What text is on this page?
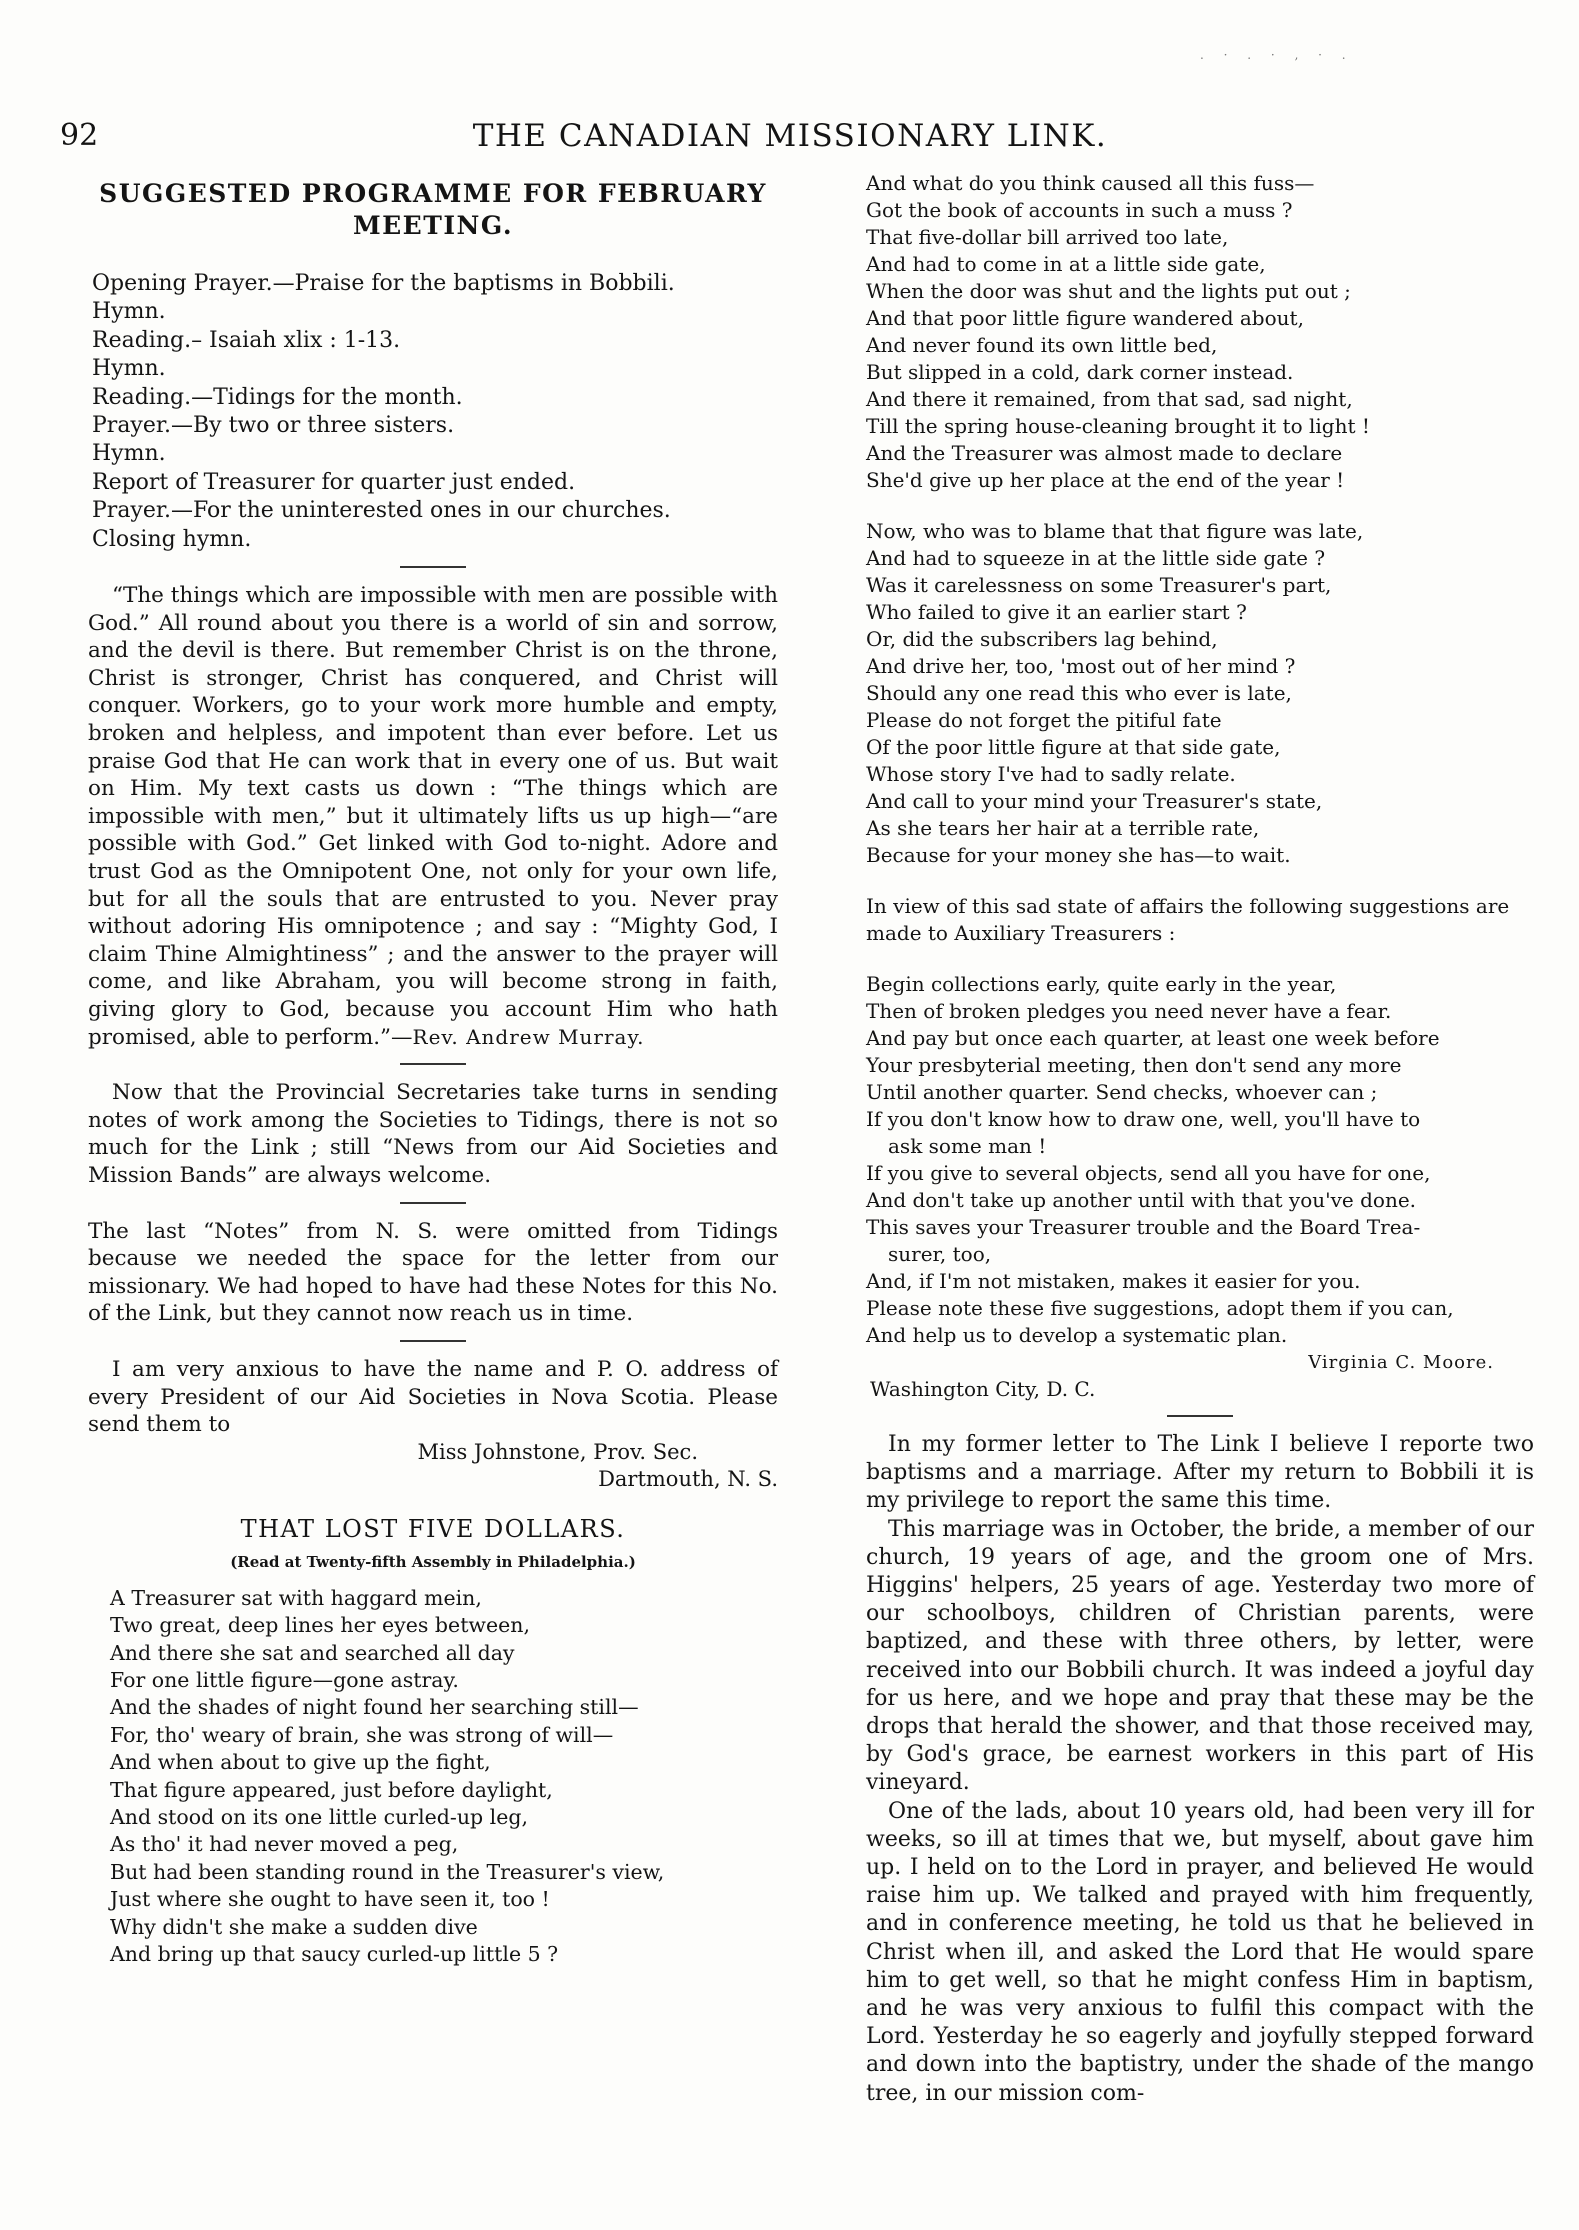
. · . · ‚ · .
92	THE CANADIAN MISSIONARY LINK.
SUGGESTED PROGRAMME FOR FEBRUARY MEETING.
Opening Prayer.—Praise for the baptisms in Bobbili.
Hymn.
Reading.– Isaiah xlix : 1-13.
Hymn.
Reading.—Tidings for the month.
Prayer.—By two or three sisters.
Hymn.
Report of Treasurer for quarter just ended.
Prayer.—For the uninterested ones in our churches.
Closing hymn.

“The things which are impossible with men are possible with God.” All round about you there is a world of sin and sorrow, and the devil is there. But remember Christ is on the throne, Christ is stronger, Christ has conquered, and Christ will conquer. Workers, go to your work more humble and empty, broken and helpless, and impotent than ever before. Let us praise God that He can work that in every one of us. But wait on Him. My text casts us down : “The things which are impossible with men,” but it ultimately lifts us up high—“are possible with God.” Get linked with God to-night. Adore and trust God as the Omnipotent One, not only for your own life, but for all the souls that are entrusted to you. Never pray without adoring His omnipotence ; and say : “Mighty God, I claim Thine Almightiness” ; and the answer to the prayer will come, and like Abraham, you will become strong in faith, giving glory to God, because you account Him who hath promised, able to perform.”—Rev. Andrew Murray.

Now that the Provincial Secretaries take turns in sending notes of work among the Societies to Tidings, there is not so much for the Link ; still “News from our Aid Societies and Mission Bands” are always welcome.

The last “Notes” from N. S. were omitted from Tidings because we needed the space for the letter from our missionary. We had hoped to have had these Notes for this No. of the Link, but they cannot now reach us in time.

I am very anxious to have the name and P. O. address of every President of our Aid Societies in Nova Scotia. Please send them to

Miss Johnstone, Prov. Sec.

Dartmouth, N. S.

THAT LOST FIVE DOLLARS.
(Read at Twenty-fifth Assembly in Philadelphia.)
A Treasurer sat with haggard mein,
Two great, deep lines her eyes between,
And there she sat and searched all day
For one little figure—gone astray.
And the shades of night found her searching still—
For, tho' weary of brain, she was strong of will—
And when about to give up the fight,
That figure appeared, just before daylight,
And stood on its one little curled-up leg,
As tho' it had never moved a peg,
But had been standing round in the Treasurer's view,
Just where she ought to have seen it, too !
Why didn't she make a sudden dive
And bring up that saucy curled-up little 5 ?
And what do you think caused all this fuss—
Got the book of accounts in such a muss ?
That five-dollar bill arrived too late,
And had to come in at a little side gate,
When the door was shut and the lights put out ;
And that poor little figure wandered about,
And never found its own little bed,
But slipped in a cold, dark corner instead.
And there it remained, from that sad, sad night,
Till the spring house-cleaning brought it to light !
And the Treasurer was almost made to declare
She'd give up her place at the end of the year !
Now, who was to blame that that figure was late,
And had to squeeze in at the little side gate ?
Was it carelessness on some Treasurer's part,
Who failed to give it an earlier start ?
Or, did the subscribers lag behind,
And drive her, too, 'most out of her mind ?
Should any one read this who ever is late,
Please do not forget the pitiful fate
Of the poor little figure at that side gate,
Whose story I've had to sadly relate.
And call to your mind your Treasurer's state,
As she tears her hair at a terrible rate,
Because for your money she has—to wait.

In view of this sad state of affairs the following suggestions are made to Auxiliary Treasurers :

Begin collections early, quite early in the year,
Then of broken pledges you need never have a fear.
And pay but once each quarter, at least one week before
Your presbyterial meeting, then don't send any more
Until another quarter. Send checks, whoever can ;
If you don't know how to draw one, well, you'll have to
ask some man !
If you give to several objects, send all you have for one,
And don't take up another until with that you've done.
This saves your Treasurer trouble and the Board Trea-
surer, too,
And, if I'm not mistaken, makes it easier for you.
Please note these five suggestions, adopt them if you can,
And help us to develop a systematic plan.

Virginia C. Moore.

Washington City, D. C.

In my former letter to The Link I believe I reporte two baptisms and a marriage. After my return to Bobbili it is my privilege to report the same this time.

This marriage was in October, the bride, a member of our church, 19 years of age, and the groom one of Mrs. Higgins' helpers, 25 years of age. Yesterday two more of our schoolboys, children of Christian parents, were baptized, and these with three others, by letter, were received into our Bobbili church. It was indeed a joyful day for us here, and we hope and pray that these may be the drops that herald the shower, and that those received may, by God's grace, be earnest workers in this part of His vineyard.

One of the lads, about 10 years old, had been very ill for weeks, so ill at times that we, but myself, about gave him up. I held on to the Lord in prayer, and believed He would raise him up. We talked and prayed with him frequently, and in conference meeting, he told us that he believed in Christ when ill, and asked the Lord that He would spare him to get well, so that he might confess Him in baptism, and he was very anxious to fulfil this compact with the Lord. Yesterday he so eagerly and joyfully stepped forward and down into the baptistry, under the shade of the mango tree, in our mission com-
